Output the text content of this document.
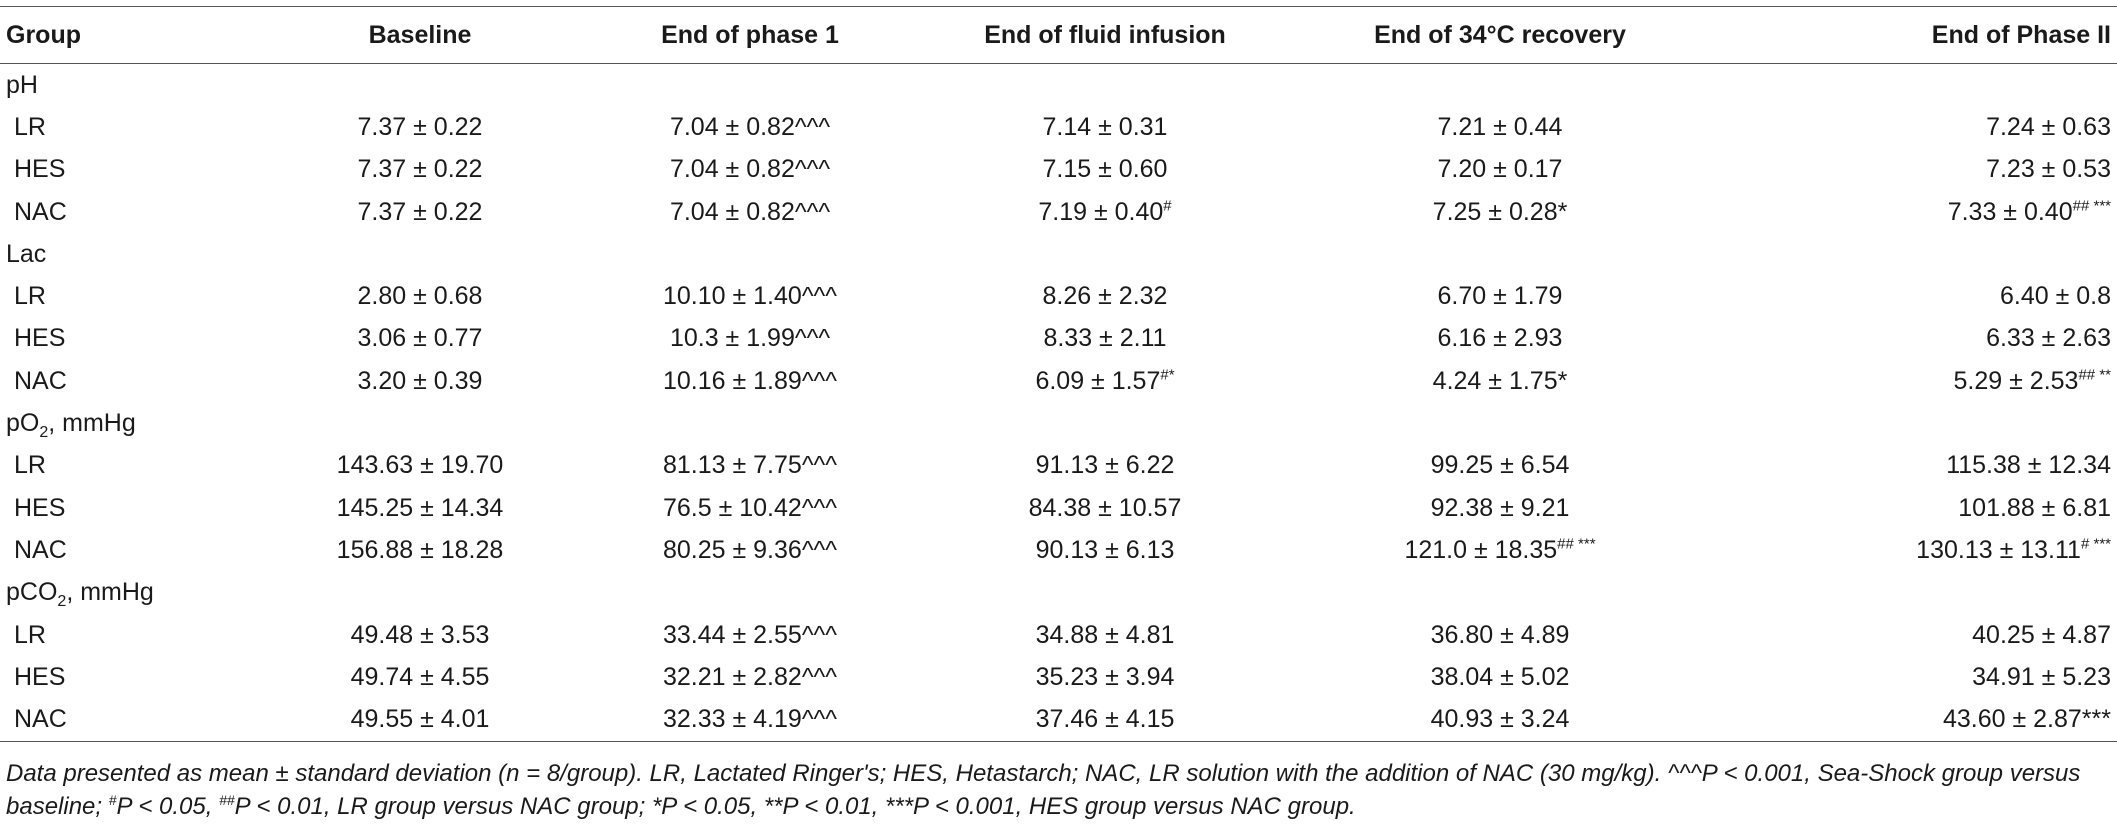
Group	Baseline	End of phase 1	End of fluid infusion	End of 34°C recovery	End of Phase II
pH					
LR	7.37 ± 0.22	7.04 ± 0.82^^^	7.14 ± 0.31	7.21 ± 0.44	7.24 ± 0.63
HES	7.37 ± 0.22	7.04 ± 0.82^^^	7.15 ± 0.60	7.20 ± 0.17	7.23 ± 0.53
NAC	7.37 ± 0.22	7.04 ± 0.82^^^	7.19 ± 0.40#	7.25 ± 0.28*	7.33 ± 0.40## ***
Lac					
LR	2.80 ± 0.68	10.10 ± 1.40^^^	8.26 ± 2.32	6.70 ± 1.79	6.40 ± 0.8
HES	3.06 ± 0.77	10.3 ± 1.99^^^	8.33 ± 2.11	6.16 ± 2.93	6.33 ± 2.63
NAC	3.20 ± 0.39	10.16 ± 1.89^^^	6.09 ± 1.57#*	4.24 ± 1.75*	5.29 ± 2.53## **
$pO_2$, mmHg					
LR	143.63 ± 19.70	81.13 ± 7.75^^^	91.13 ± 6.22	99.25 ± 6.54	115.38 ± 12.34
HES	145.25 ± 14.34	76.5 ± 10.42^^^	84.38 ± 10.57	92.38 ± 9.21	101.88 ± 6.81
NAC	156.88 ± 18.28	80.25 ± 9.36^^^	90.13 ± 6.13	121.0 ± 18.35## ***	130.13 ± 13.11# ***
pCO$_2$, mmHg					
LR	49.48 ± 3.53	33.44 ± 2.55^^^	34.88 ± 4.81	36.80 ± 4.89	40.25 ± 4.87
HES	49.74 ± 4.55	32.21 ± 2.82^^^	35.23 ± 3.94	38.04 ± 5.02	34.91 ± 5.23
NAC	49.55 ± 4.01	32.33 ± 4.19^^^	37.46 ± 4.15	40.93 ± 3.24	43.60 ± 2.87***
Data presented as mean ± standard deviation (n = 8/group). LR, Lactated Ringer's; HES, Hetastarch; NAC, LR solution with the addition of NAC (30 mg/kg). ^^^P < 0.001, Sea-Shock group versus baseline; #P < 0.05, ##P < 0.01, LR group versus NAC group; *P < 0.05, **P < 0.01, ***P < 0.001, HES group versus NAC group.
